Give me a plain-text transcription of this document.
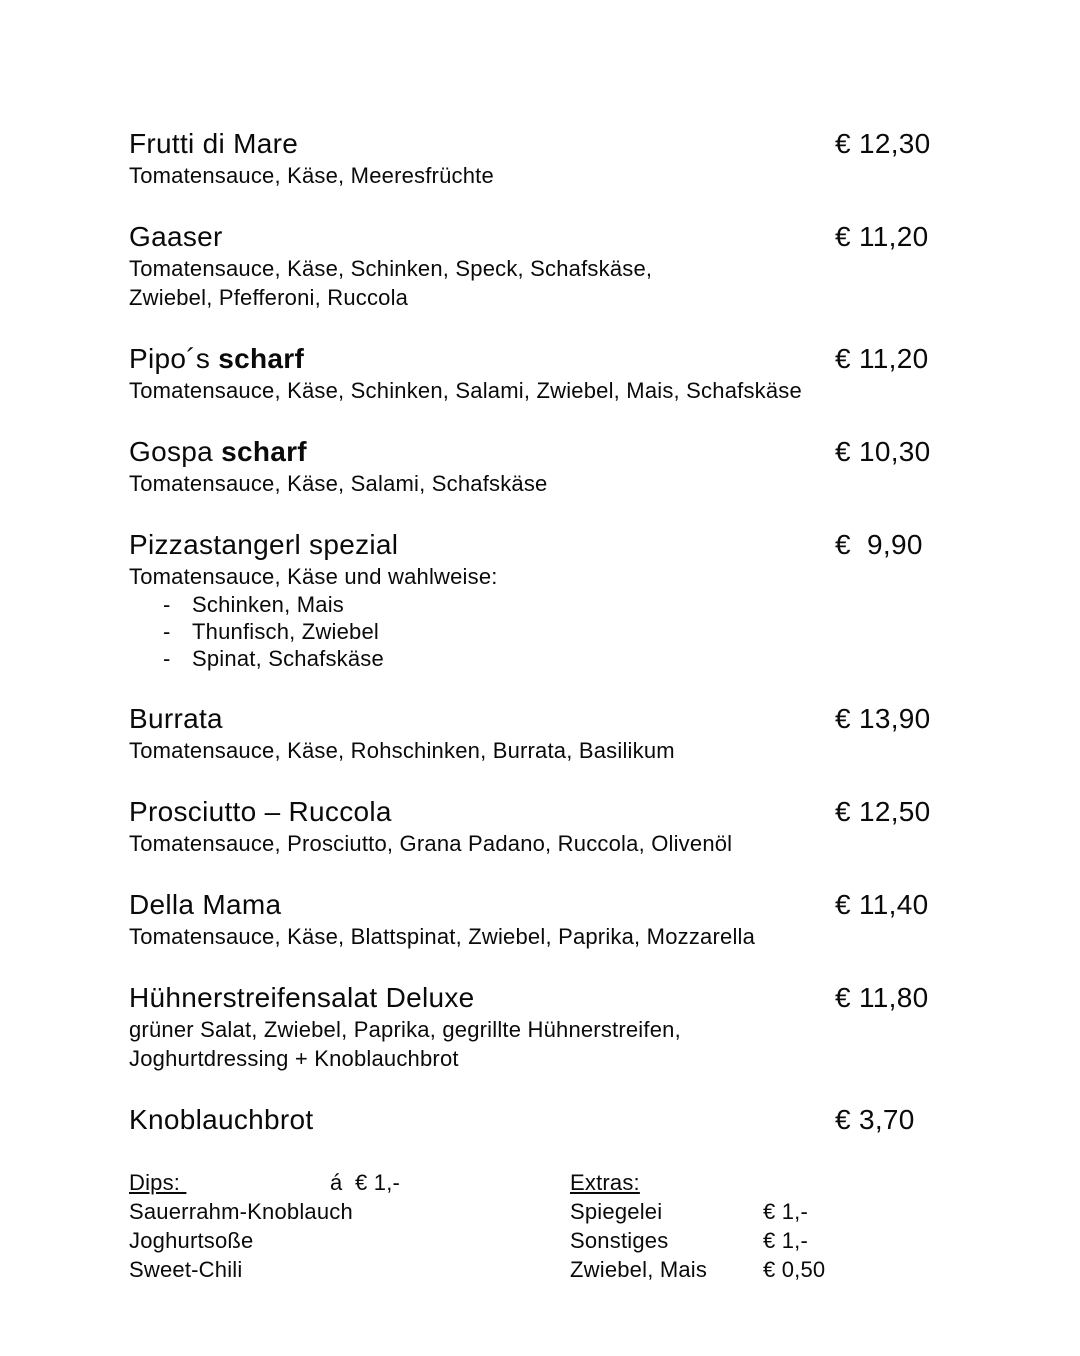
Frutti di Mare	€ 12,30
Tomatensauce, Käse, Meeresfrüchte
Gaaser	€ 11,20
Tomatensauce, Käse, Schinken, Speck, Schafskäse,
Zwiebel, Pfefferoni, Ruccola
Pipo´s scharf	€ 11,20
Tomatensauce, Käse, Schinken, Salami, Zwiebel, Mais, Schafskäse
Gospa scharf	€ 10,30
Tomatensauce, Käse, Salami, Schafskäse
Pizzastangerl spezial	€  9,90
Tomatensauce, Käse und wahlweise:
- Schinken, Mais
- Thunfisch, Zwiebel
- Spinat, Schafskäse
Burrata	€ 13,90
Tomatensauce, Käse, Rohschinken, Burrata, Basilikum
Prosciutto – Ruccola	€ 12,50
Tomatensauce, Prosciutto, Grana Padano, Ruccola, Olivenöl
Della Mama	€ 11,40
Tomatensauce, Käse, Blattspinat, Zwiebel, Paprika, Mozzarella
Hühnerstreifensalat Deluxe	€ 11,80
grüner Salat, Zwiebel, Paprika, gegrillte Hühnerstreifen,
Joghurtdressing + Knoblauchbrot
Knoblauchbrot	€ 3,70
Dips:	á  € 1,-
Sauerrahm-Knoblauch
Joghurtsoße
Sweet-Chili
Extras:
Spiegelei	€ 1,-
Sonstiges	€ 1,-
Zwiebel, Mais	€ 0,50
